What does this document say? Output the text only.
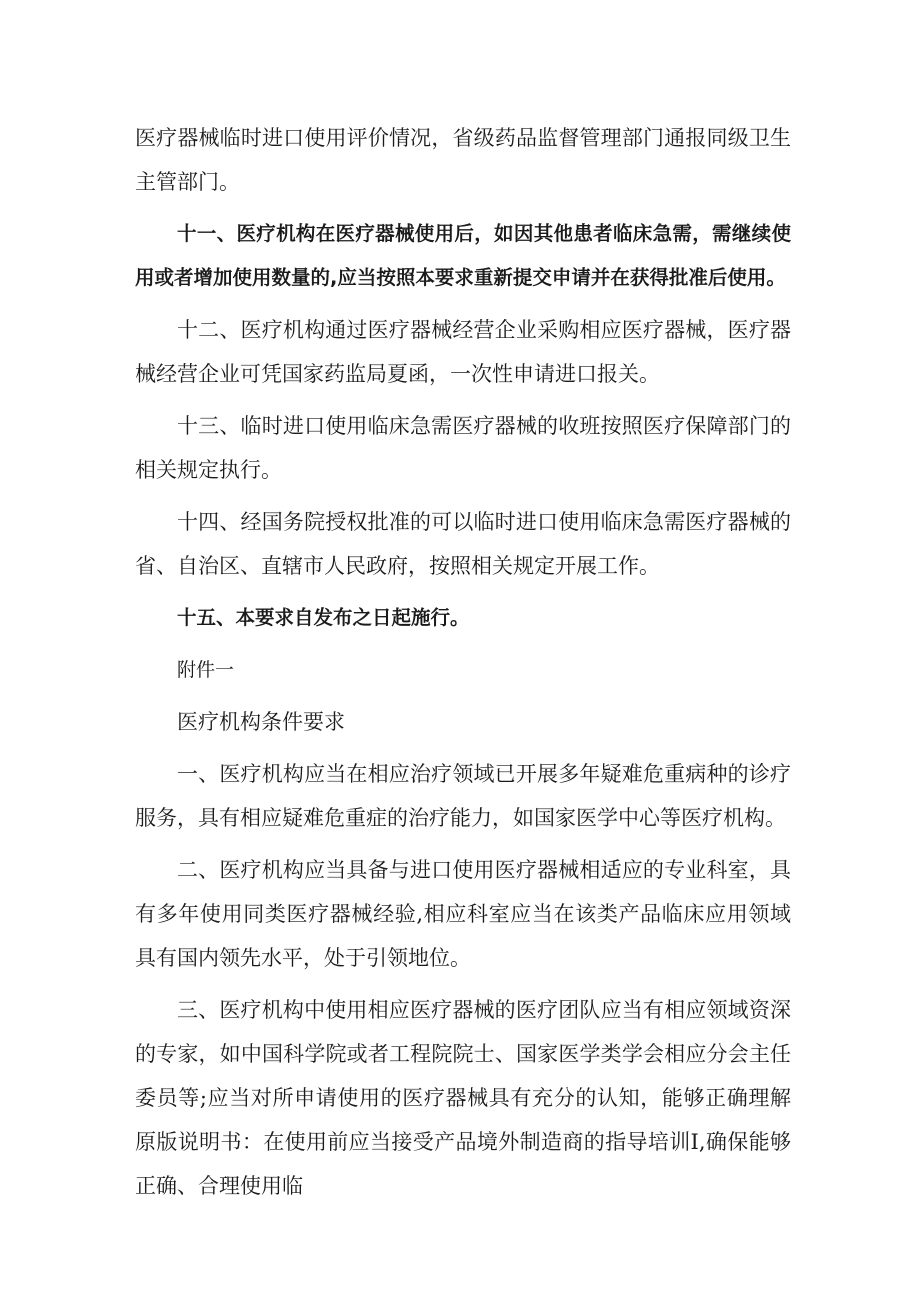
医疗器械临时进口使用评价情况，省级药品监督管理部门通报同级卫生主管部门。

十一、医疗机构在医疗器械使用后，如因其他患者临床急需，需继续使用或者增加使用数量的,应当按照本要求重新提交申请并在获得批准后使用。

十二、医疗机构通过医疗器械经营企业采购相应医疗器械，医疗器械经营企业可凭国家药监局夏函，一次性申请进口报关。

十三、临时进口使用临床急需医疗器械的收班按照医疗保障部门的相关规定执行。

十四、经国务院授权批准的可以临时进口使用临床急需医疗器械的省、自治区、直辖市人民政府，按照相关规定开展工作。

十五、本要求自发布之日起施行。

附件一

医疗机构条件要求

一、医疗机构应当在相应治疗领域已开展多年疑难危重病种的诊疗服务，具有相应疑难危重症的治疗能力，如国家医学中心等医疗机构。

二、医疗机构应当具备与进口使用医疗器械相适应的专业科室，具有多年使用同类医疗器械经验,相应科室应当在该类产品临床应用领域具有国内领先水平，处于引领地位。

三、医疗机构中使用相应医疗器械的医疗团队应当有相应领域资深的专家，如中国科学院或者工程院院士、国家医学类学会相应分会主任委员等;应当对所申请使用的医疗器械具有充分的认知，能够正确理解原版说明书：在使用前应当接受产品境外制造商的指导培训I,确保能够正确、合理使用临
